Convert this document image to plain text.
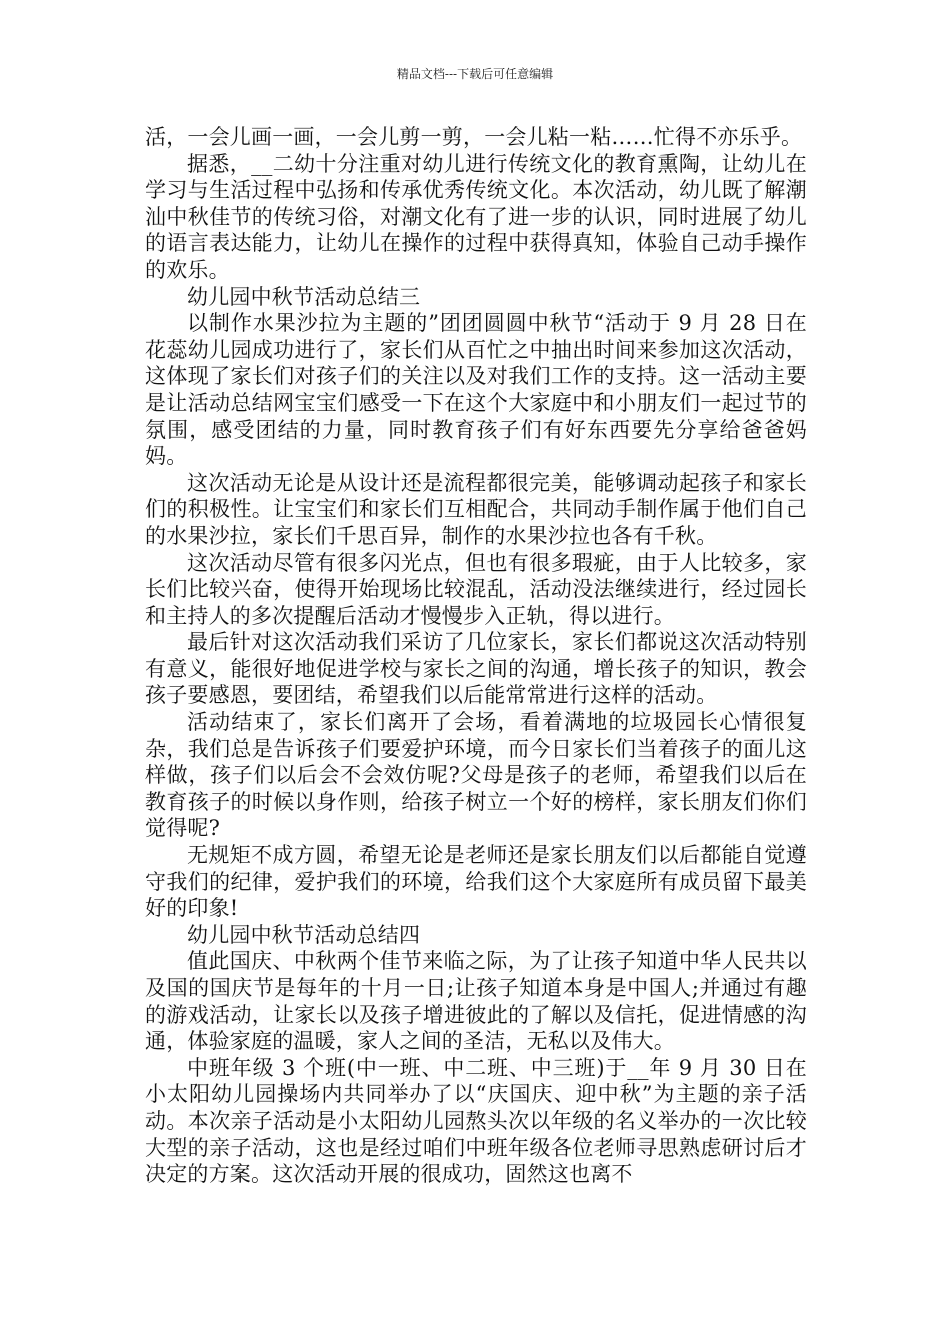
精品文档---下载后可任意编辑

活，一会儿画一画，一会儿剪一剪，一会儿粘一粘……忙得不亦乐乎。

据悉，__二幼十分注重对幼儿进行传统文化的教育熏陶，让幼儿在学习与生活过程中弘扬和传承优秀传统文化。本次活动，幼儿既了解潮汕中秋佳节的传统习俗，对潮文化有了进一步的认识，同时进展了幼儿的语言表达能力，让幼儿在操作的过程中获得真知，体验自己动手操作的欢乐。

幼儿园中秋节活动总结三

以制作水果沙拉为主题的”团团圆圆中秋节“活动于 9 月 28 日在花蕊幼儿园成功进行了，家长们从百忙之中抽出时间来参加这次活动，这体现了家长们对孩子们的关注以及对我们工作的支持。这一活动主要是让活动总结网宝宝们感受一下在这个大家庭中和小朋友们一起过节的氛围，感受团结的力量，同时教育孩子们有好东西要先分享给爸爸妈妈。

这次活动无论是从设计还是流程都很完美，能够调动起孩子和家长们的积极性。让宝宝们和家长们互相配合，共同动手制作属于他们自己的水果沙拉，家长们千思百异，制作的水果沙拉也各有千秋。

这次活动尽管有很多闪光点，但也有很多瑕疵，由于人比较多，家长们比较兴奋，使得开始现场比较混乱，活动没法继续进行，经过园长和主持人的多次提醒后活动才慢慢步入正轨，得以进行。

最后针对这次活动我们采访了几位家长，家长们都说这次活动特别有意义，能很好地促进学校与家长之间的沟通，增长孩子的知识，教会孩子要感恩，要团结，希望我们以后能常常进行这样的活动。

活动结束了，家长们离开了会场，看着满地的垃圾园长心情很复杂，我们总是告诉孩子们要爱护环境，而今日家长们当着孩子的面儿这样做，孩子们以后会不会效仿呢?父母是孩子的老师，希望我们以后在教育孩子的时候以身作则，给孩子树立一个好的榜样，家长朋友们你们觉得呢?

无规矩不成方圆，希望无论是老师还是家长朋友们以后都能自觉遵守我们的纪律，爱护我们的环境，给我们这个大家庭所有成员留下最美好的印象!

幼儿园中秋节活动总结四

值此国庆、中秋两个佳节来临之际，为了让孩子知道中华人民共以及国的国庆节是每年的十月一日;让孩子知道本身是中国人;并通过有趣的游戏活动，让家长以及孩子增进彼此的了解以及信托，促进情感的沟通，体验家庭的温暖，家人之间的圣洁，无私以及伟大。

中班年级 3 个班(中一班、中二班、中三班)于__年 9 月 30 日在小太阳幼儿园操场内共同举办了以“庆国庆、迎中秋”为主题的亲子活动。本次亲子活动是小太阳幼儿园熬头次以年级的名义举办的一次比较大型的亲子活动，这也是经过咱们中班年级各位老师寻思熟虑研讨后才决定的方案。这次活动开展的很成功，固然这也离不
